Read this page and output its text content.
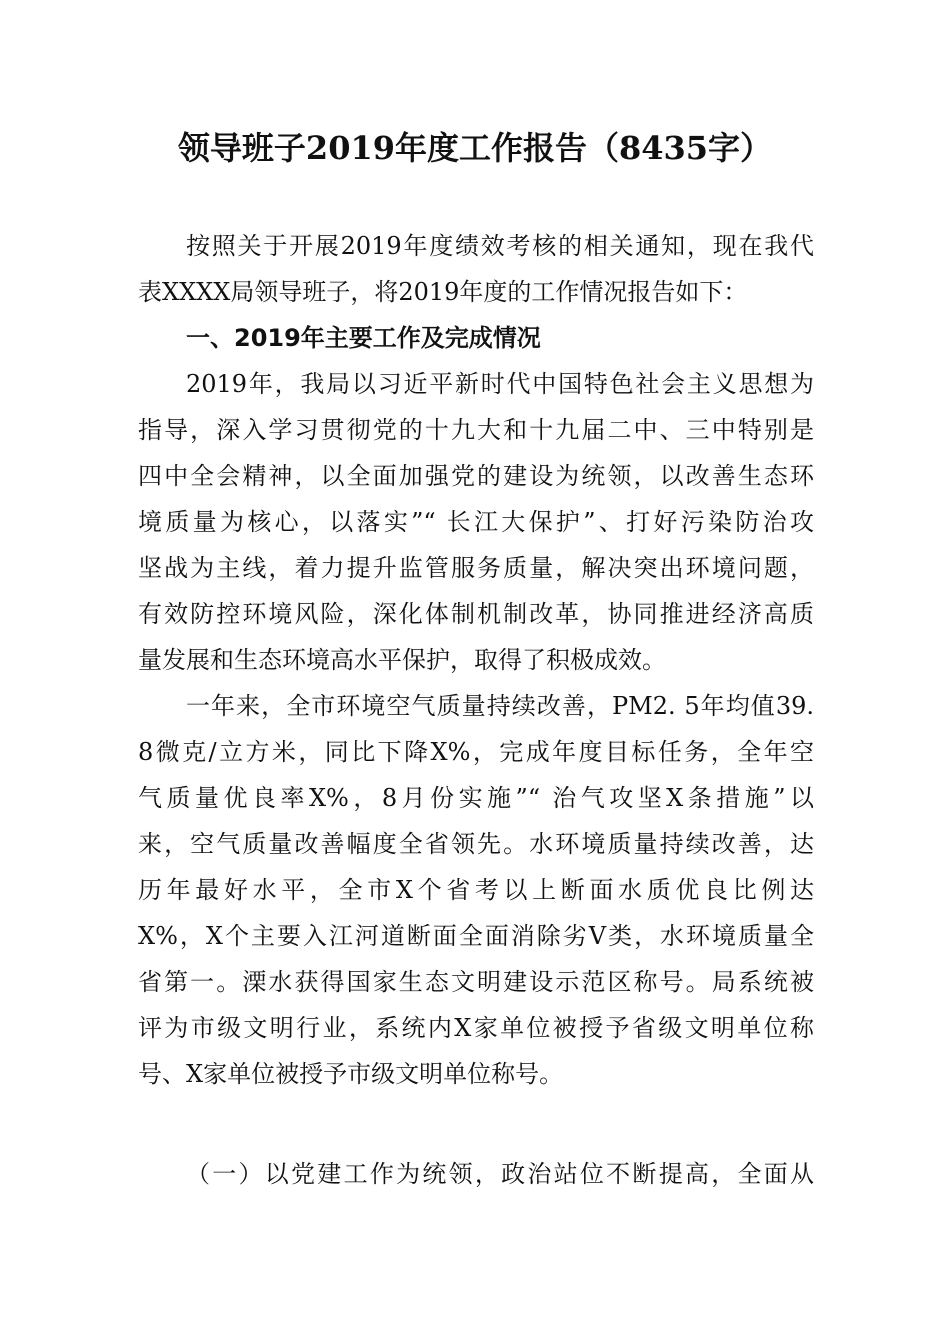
领导班子2019年度工作报告（8435字）
按照关于开展2019年度绩效考核的相关通知，现在我代
表XXXX局领导班子，将2019年度的工作情况报告如下：
一、2019年主要工作及完成情况
2019年，我局以习近平新时代中国特色社会主义思想为
指导，深入学习贯彻党的十九大和十九届二中、三中特别是
四中全会精神，以全面加强党的建设为统领，以改善生态环
境质量为核心，以落实”“ 长江大保护”、打好污染防治攻
坚战为主线，着力提升监管服务质量，解决突出环境问题，
有效防控环境风险，深化体制机制改革，协同推进经济高质
量发展和生态环境高水平保护，取得了积极成效。
一年来，全市环境空气质量持续改善，PM2. 5年均值39.
8微克/立方米，同比下降X%，完成年度目标任务，全年空
气质量优良率X%，8月份实施”“ 治气攻坚X条措施”以
来，空气质量改善幅度全省领先。水环境质量持续改善，达
历年最好水平，全市X个省考以上断面水质优良比例达
X%，X个主要入江河道断面全面消除劣Ⅴ类，水环境质量全
省第一。溧水获得国家生态文明建设示范区称号。局系统被
评为市级文明行业，系统内X家单位被授予省级文明单位称
号、X家单位被授予市级文明单位称号。
（一）以党建工作为统领，政治站位不断提高，全面从
